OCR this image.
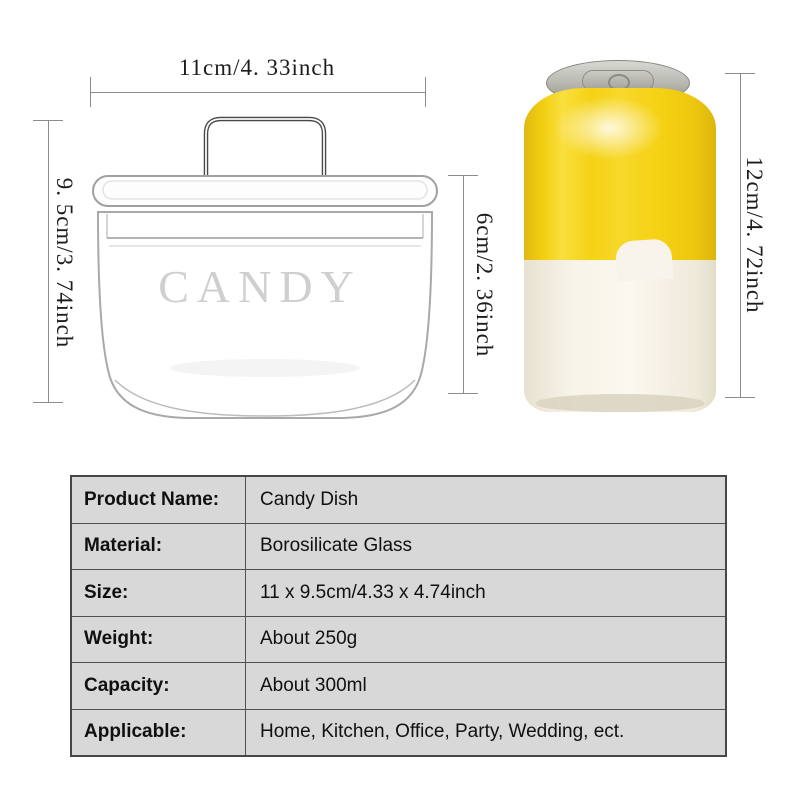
11cm/4. 33inch
9. 5cm/3. 74inch	6cm/2. 36inch
CANDY	12cm/4. 72inch
Product Name:	Candy Dish
Material:	Borosilicate Glass
Size:	11 x 9.5cm/4.33 x 4.74inch
Weight:	About 250g
Capacity:	About 300ml
Applicable:	Home, Kitchen, Office, Party, Wedding, ect.
